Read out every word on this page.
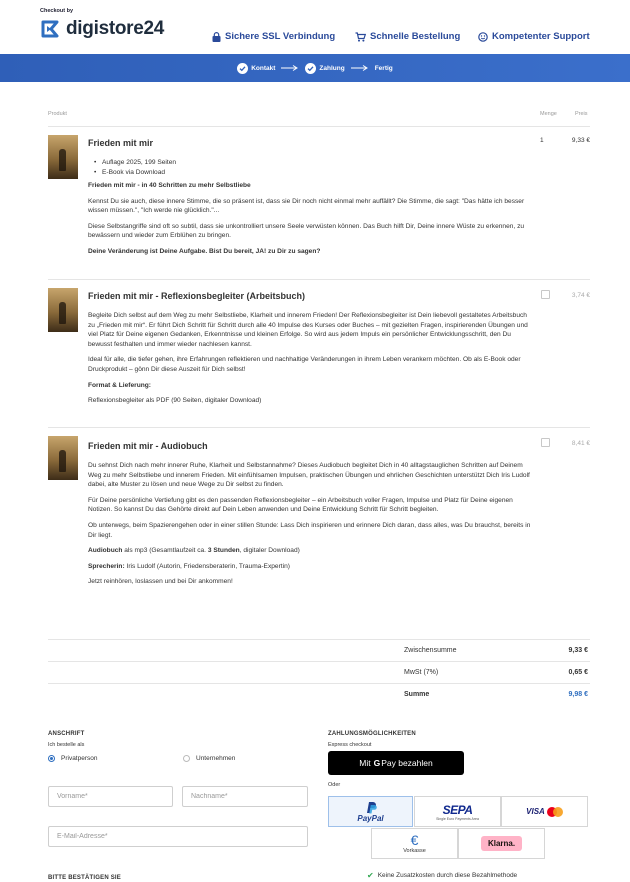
Checkout by
digistore24	Sichere SSL Verbindung	Schnelle Bestellung	Kompetenter Support
Kontakt	Zahlung	Fertig
Produkt	Menge	Preis
Frieden mit mir	1	9,33 €
• Auflage 2025, 199 Seiten
• E-Book via Download

Frieden mit mir - in 40 Schritten zu mehr Selbstliebe

Kennst Du sie auch, diese innere Stimme, die so präsent ist, dass sie Dir noch nicht einmal mehr auffällt? Die Stimme, die sagt: "Das hätte ich besser wissen müssen.", "Ich werde nie glücklich."...

Diese Selbstangriffe sind oft so subtil, dass sie unkontrolliert unsere Seele verwüsten können. Das Buch hilft Dir, Deine innere Wüste zu erkennen, zu bewässern und wieder zum Erblühen zu bringen.

Deine Veränderung ist Deine Aufgabe. Bist Du bereit, JA! zu Dir zu sagen?

Frieden mit mir - Reflexionsbegleiter (Arbeitsbuch)	3,74 €

Begleite Dich selbst auf dem Weg zu mehr Selbstliebe, Klarheit und innerem Frieden! Der Reflexionsbegleiter ist Dein liebevoll gestaltetes Arbeitsbuch zu „Frieden mit mir“. Er führt Dich Schritt für Schritt durch alle 40 Impulse des Kurses oder Buches – mit gezielten Fragen, inspirierenden Übungen und viel Platz für Deine eigenen Gedanken, Erkenntnisse und kleinen Erfolge. So wird aus jedem Impuls ein persönlicher Entwicklungsschritt, den Du bewusst festhalten und immer wieder nachlesen kannst.

Ideal für alle, die tiefer gehen, ihre Erfahrungen reflektieren und nachhaltige Veränderungen in ihrem Leben verankern möchten. Ob als E-Book oder Druckprodukt – gönn Dir diese Auszeit für Dich selbst!

Format & Lieferung:

Reflexionsbegleiter als PDF (90 Seiten, digitaler Download)

Frieden mit mir - Audiobuch	8,41 €

Du sehnst Dich nach mehr innerer Ruhe, Klarheit und Selbstannahme? Dieses Audiobuch begleitet Dich in 40 alltagstauglichen Schritten auf Deinem Weg zu mehr Selbstliebe und innerem Frieden. Mit einfühlsamen Impulsen, praktischen Übungen und ehrlichen Geschichten unterstützt Dich Iris Ludolf dabei, alte Muster zu lösen und neue Wege zu Dir selbst zu finden.

Für Deine persönliche Vertiefung gibt es den passenden Reflexionsbegleiter – ein Arbeitsbuch voller Fragen, Impulse und Platz für Deine eigenen Notizen. So kannst Du das Gehörte direkt auf Dein Leben anwenden und Deine Entwicklung Schritt für Schritt begleiten.

Ob unterwegs, beim Spazierengehen oder in einer stillen Stunde: Lass Dich inspirieren und erinnere Dich daran, dass alles, was Du brauchst, bereits in Dir liegt.

Audiobuch als mp3 (Gesamtlaufzeit ca. 3 Stunden, digitaler Download)

Sprecherin: Iris Ludolf (Autorin, Friedensberaterin, Trauma-Expertin)

Jetzt reinhören, loslassen und bei Dir ankommen!

Zwischensumme	9,33 €
MwSt (7%)	0,65 €
Summe	9,98 €
ANSCHRIFT
Ich bestelle als
Privatperson	Unternehmen
Vorname*
Nachname*
E-Mail-Adresse*
BITTE BESTÄTIGEN SIE
ZAHLUNGSMÖGLICHKEITEN
Express checkout
Mit G Pay bezahlen
Oder
PayPal
SEPA
Single Euro Payments Area
VISA
€
Vorkasse
Klarna.
✔ Keine Zusatzkosten durch diese Bezahlmethode
